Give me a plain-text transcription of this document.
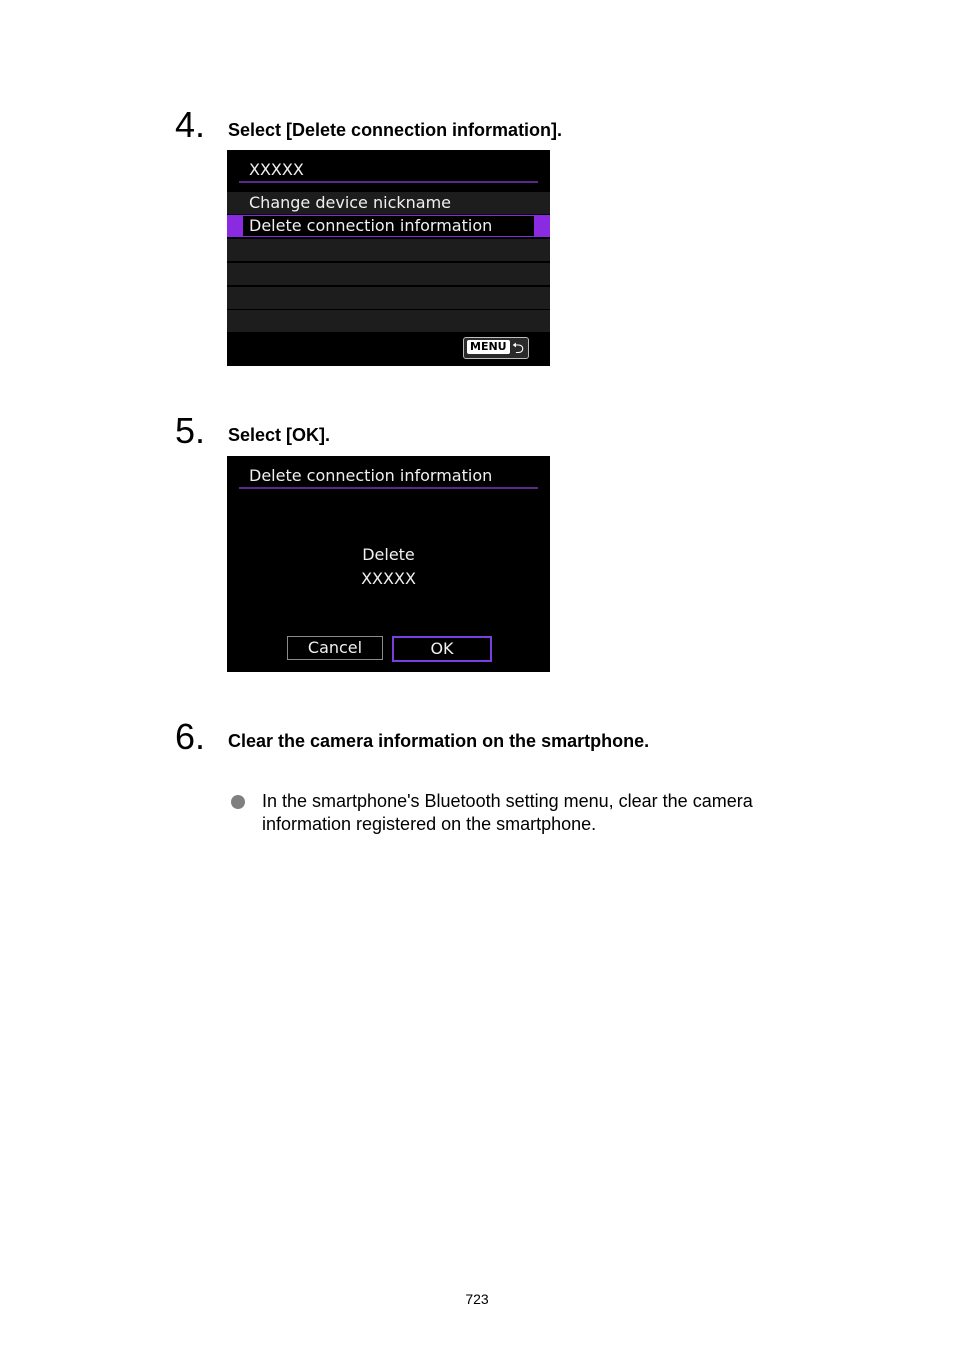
4. Select [Delete connection information].
XXXXX
Change device nickname
Delete connection information
MENU ⮌
5. Select [OK].
Delete connection information
Delete
XXXXX
Cancel	OK
6. Clear the camera information on the smartphone.
In the smartphone's Bluetooth setting menu, clear the camera information registered on the smartphone.
723
